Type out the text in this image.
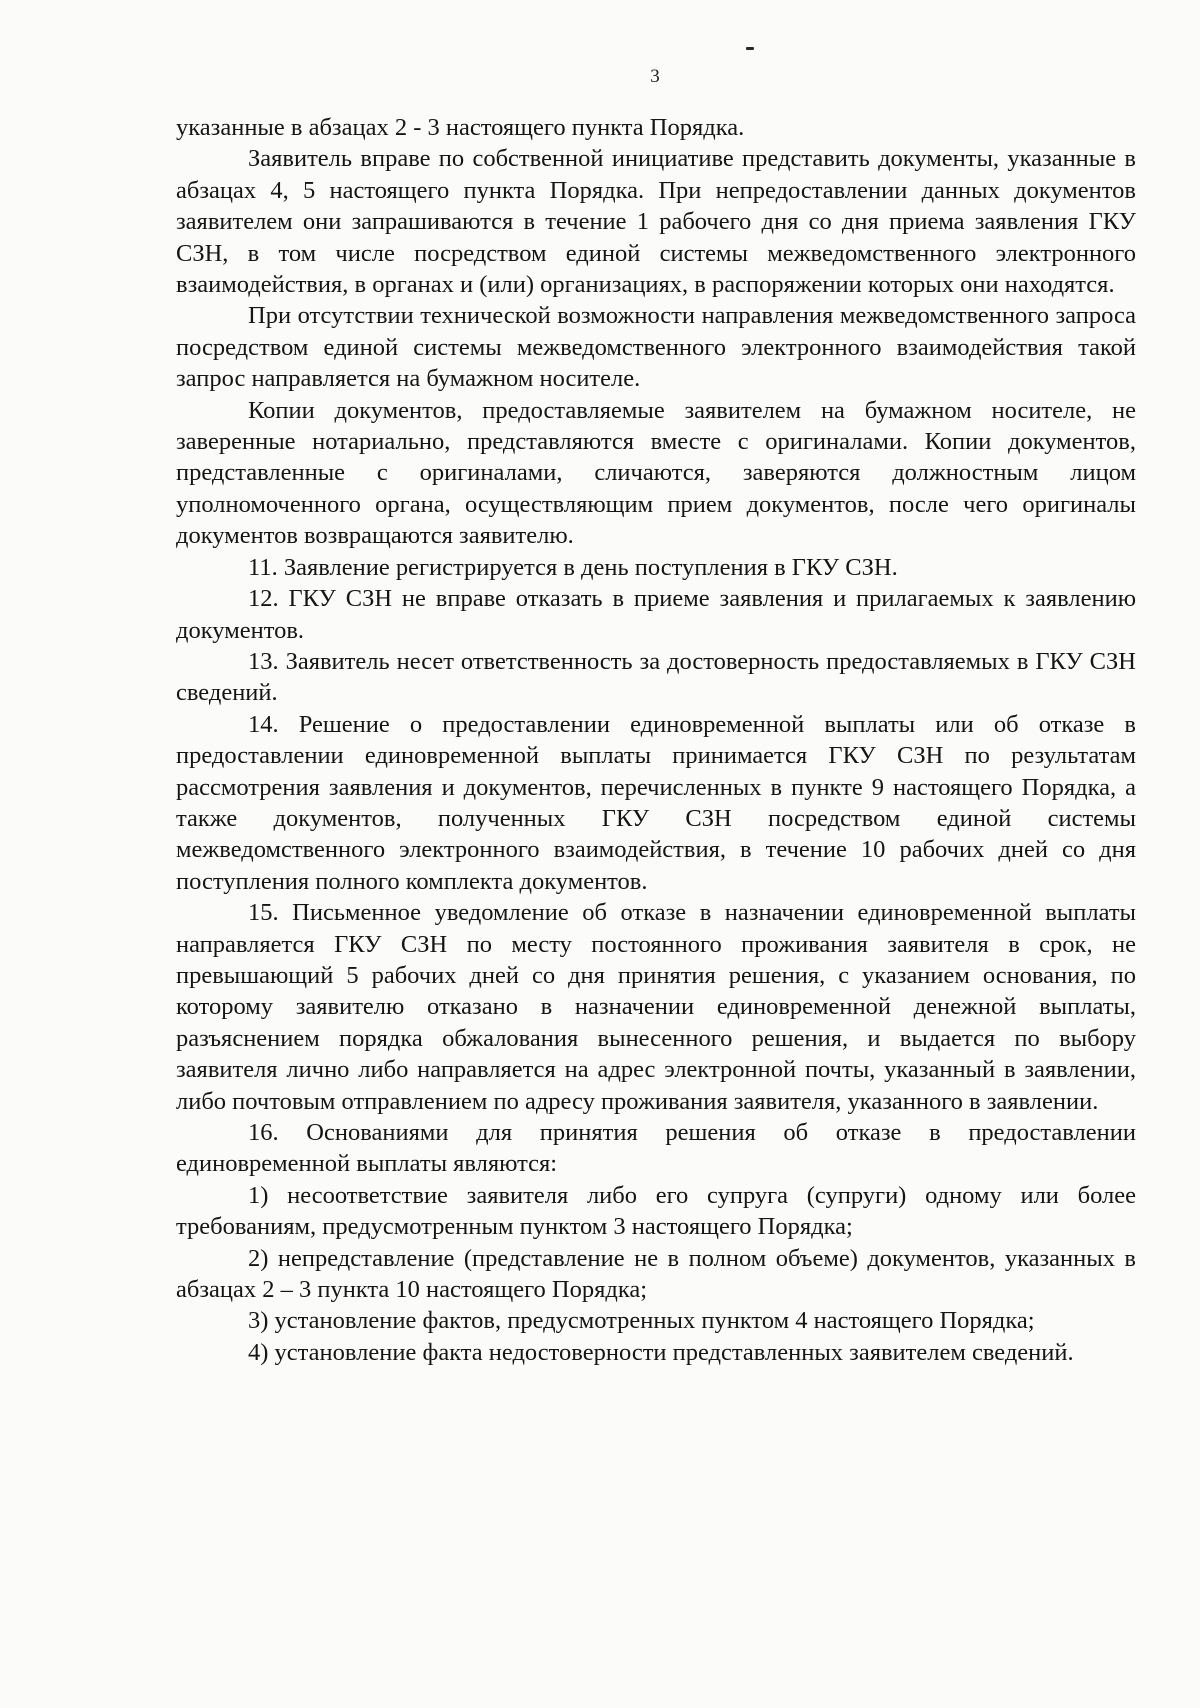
3

указанные в абзацах 2 - 3 настоящего пункта Порядка.

Заявитель вправе по собственной инициативе представить документы, указанные в абзацах 4, 5 настоящего пункта Порядка. При непредоставлении данных документов заявителем они запрашиваются в течение 1 рабочего дня со дня приема заявления ГКУ СЗН, в том числе посредством единой системы межведомственного электронного взаимодействия, в органах и (или) организациях, в распоряжении которых они находятся.

При отсутствии технической возможности направления межведомственного запроса посредством единой системы межведомственного электронного взаимодействия такой запрос направляется на бумажном носителе.

Копии документов, предоставляемые заявителем на бумажном носителе, не заверенные нотариально, представляются вместе с оригиналами. Копии документов, представленные с оригиналами, сличаются, заверяются должностным лицом уполномоченного органа, осуществляющим прием документов, после чего оригиналы документов возвращаются заявителю.

11. Заявление регистрируется в день поступления в ГКУ СЗН.

12. ГКУ СЗН не вправе отказать в приеме заявления и прилагаемых к заявлению документов.

13. Заявитель несет ответственность за достоверность предоставляемых в ГКУ СЗН сведений.

14. Решение о предоставлении единовременной выплаты или об отказе в предоставлении единовременной выплаты принимается ГКУ СЗН по результатам рассмотрения заявления и документов, перечисленных в пункте 9 настоящего Порядка, а также документов, полученных ГКУ СЗН посредством единой системы межведомственного электронного взаимодействия, в течение 10 рабочих дней со дня поступления полного комплекта документов.

15. Письменное уведомление об отказе в назначении единовременной выплаты направляется ГКУ СЗН по месту постоянного проживания заявителя в срок, не превышающий 5 рабочих дней со дня принятия решения, с указанием основания, по которому заявителю отказано в назначении единовременной денежной выплаты, разъяснением порядка обжалования вынесенного решения, и выдается по выбору заявителя лично либо направляется на адрес электронной почты, указанный в заявлении, либо почтовым отправлением по адресу проживания заявителя, указанного в заявлении.

16. Основаниями для принятия решения об отказе в предоставлении единовременной выплаты являются:

1) несоответствие заявителя либо его супруга (супруги) одному или более требованиям, предусмотренным пунктом 3 настоящего Порядка;

2) непредставление (представление не в полном объеме) документов, указанных в абзацах 2 – 3 пункта 10 настоящего Порядка;

3) установление фактов, предусмотренных пунктом 4 настоящего Порядка;

4) установление факта недостоверности представленных заявителем сведений.
